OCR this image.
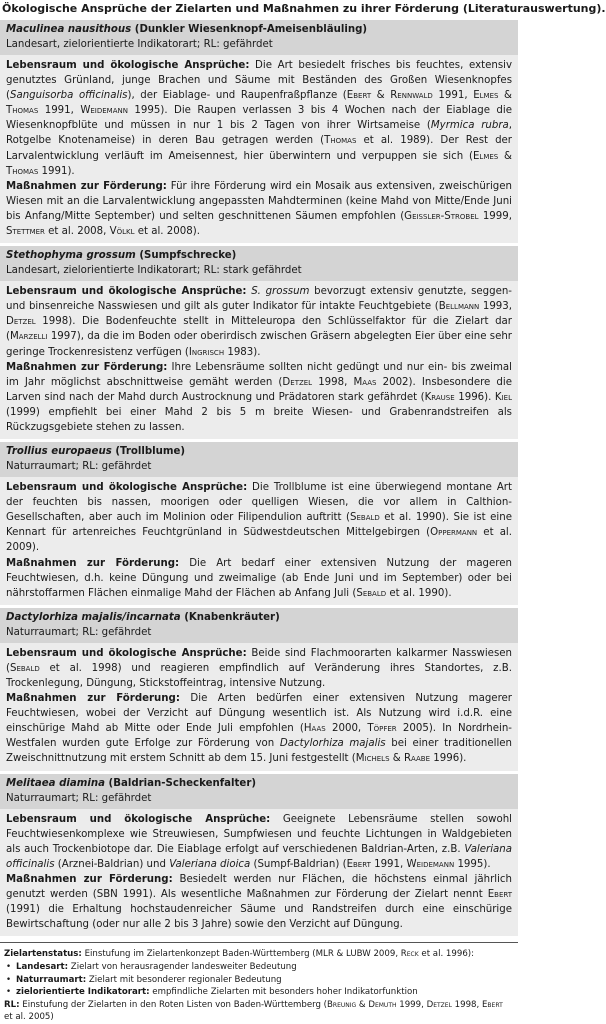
Ökologische Ansprüche der Zielarten und Maßnahmen zu ihrer Förderung (Literaturauswertung).
Maculinea nausithous (Dunkler Wiesenknopf-Ameisenbläuling)
Landesart, zielorientierte Indikatorart; RL: gefährdet

Lebensraum und ökologische Ansprüche: Die Art besiedelt frisches bis feuchtes, extensiv genutztes Grünland, junge Brachen und Säume mit Beständen des Großen Wiesenknopfes (Sanguisorba officinalis), der Eiablage- und Raupenfraßpflanze (Ebert & Rennwald 1991, Elmes & Thomas 1991, Weidemann 1995). Die Raupen verlassen 3 bis 4 Wochen nach der Eiablage die Wiesenknopfblüte und müssen in nur 1 bis 2 Tagen von ihrer Wirtsameise (Myrmica rubra, Rotgelbe Knotenameise) in deren Bau getragen werden (Thomas et al. 1989). Der Rest der Larvalentwicklung verläuft im Ameisennest, hier überwintern und verpuppen sie sich (Elmes & Thomas 1991).

Maßnahmen zur Förderung: Für ihre Förderung wird ein Mosaik aus extensiven, zweischürigen Wiesen mit an die Larvalentwicklung angepassten Mahdterminen (keine Mahd von Mitte/Ende Juni bis Anfang/Mitte September) und selten geschnittenen Säumen empfohlen (Geissler-Strobel 1999, Stettmer et al. 2008, Völkl et al. 2008).

Stethophyma grossum (Sumpfschrecke)
Landesart, zielorientierte Indikatorart; RL: stark gefährdet

Lebensraum und ökologische Ansprüche: S. grossum bevorzugt extensiv genutzte, seggen- und binsenreiche Nasswiesen und gilt als guter Indikator für intakte Feuchtgebiete (Bellmann 1993, Detzel 1998). Die Bodenfeuchte stellt in Mitteleuropa den Schlüsselfaktor für die Zielart dar (Marzelli 1997), da die im Boden oder oberirdisch zwischen Gräsern abgelegten Eier über eine sehr geringe Trockenresistenz verfügen (Ingrisch 1983).

Maßnahmen zur Förderung: Ihre Lebensräume sollten nicht gedüngt und nur ein- bis zweimal im Jahr möglichst abschnittweise gemäht werden (Detzel 1998, Maas 2002). Insbesondere die Larven sind nach der Mahd durch Austrocknung und Prädatoren stark gefährdet (Krause 1996). Kiel (1999) empfiehlt bei einer Mahd 2 bis 5 m breite Wiesen- und Grabenrandstreifen als Rückzugsgebiete stehen zu lassen.

Trollius europaeus (Trollblume)
Naturraumart; RL: gefährdet

Lebensraum und ökologische Ansprüche: Die Trollblume ist eine überwiegend montane Art der feuchten bis nassen, moorigen oder quelligen Wiesen, die vor allem in Calthion-Gesellschaften, aber auch im Molinion oder Filipendulion auftritt (Sebald et al. 1990). Sie ist eine Kennart für artenreiches Feuchtgrünland in Südwestdeutschen Mittelgebirgen (Oppermann et al. 2009).

Maßnahmen zur Förderung: Die Art bedarf einer extensiven Nutzung der mageren Feuchtwiesen, d.h. keine Düngung und zweimalige (ab Ende Juni und im September) oder bei nährstoffarmen Flächen einmalige Mahd der Flächen ab Anfang Juli (Sebald et al. 1990).

Dactylorhiza majalis/incarnata (Knabenkräuter)
Naturraumart; RL: gefährdet

Lebensraum und ökologische Ansprüche: Beide sind Flachmoorarten kalkarmer Nasswiesen (Sebald et al. 1998) und reagieren empfindlich auf Veränderung ihres Standortes, z.B. Trockenlegung, Düngung, Stickstoffeintrag, intensive Nutzung.

Maßnahmen zur Förderung: Die Arten bedürfen einer extensiven Nutzung magerer Feuchtwiesen, wobei der Verzicht auf Düngung wesentlich ist. Als Nutzung wird i.d.R. eine einschürige Mahd ab Mitte oder Ende Juli empfohlen (Haas 2000, Töpfer 2005). In Nordrhein-Westfalen wurden gute Erfolge zur Förderung von Dactylorhiza majalis bei einer traditionellen Zweischnittnutzung mit erstem Schnitt ab dem 15. Juni festgestellt (Michels & Raabe 1996).

Melitaea diamina (Baldrian-Scheckenfalter)
Naturraumart; RL: gefährdet

Lebensraum und ökologische Ansprüche: Geeignete Lebensräume stellen sowohl Feuchtwiesenkomplexe wie Streuwiesen, Sumpfwiesen und feuchte Lichtungen in Waldgebieten als auch Trockenbiotope dar. Die Eiablage erfolgt auf verschiedenen Baldrian-Arten, z.B. Valeriana officinalis (Arznei-Baldrian) und Valeriana dioica (Sumpf-Baldrian) (Ebert 1991, Weidemann 1995).

Maßnahmen zur Förderung: Besiedelt werden nur Flächen, die höchstens einmal jährlich genutzt werden (SBN 1991). Als wesentliche Maßnahmen zur Förderung der Zielart nennt Ebert (1991) die Erhaltung hochstaudenreicher Säume und Randstreifen durch eine einschürige Bewirtschaftung (oder nur alle 2 bis 3 Jahre) sowie den Verzicht auf Düngung.

Zielartenstatus: Einstufung im Zielartenkonzept Baden-Württemberg (MLR & LUBW 2009, Reck et al. 1996):

• Landesart: Zielart von herausragender landesweiter Bedeutung
• Naturraumart: Zielart mit besonderer regionaler Bedeutung
• zielorientierte Indikatorart: empfindliche Zielarten mit besonders hoher Indikatorfunktion

RL: Einstufung der Zielarten in den Roten Listen von Baden-Württemberg (Breunig & Demuth 1999, Detzel 1998, Ebert et al. 2005)
